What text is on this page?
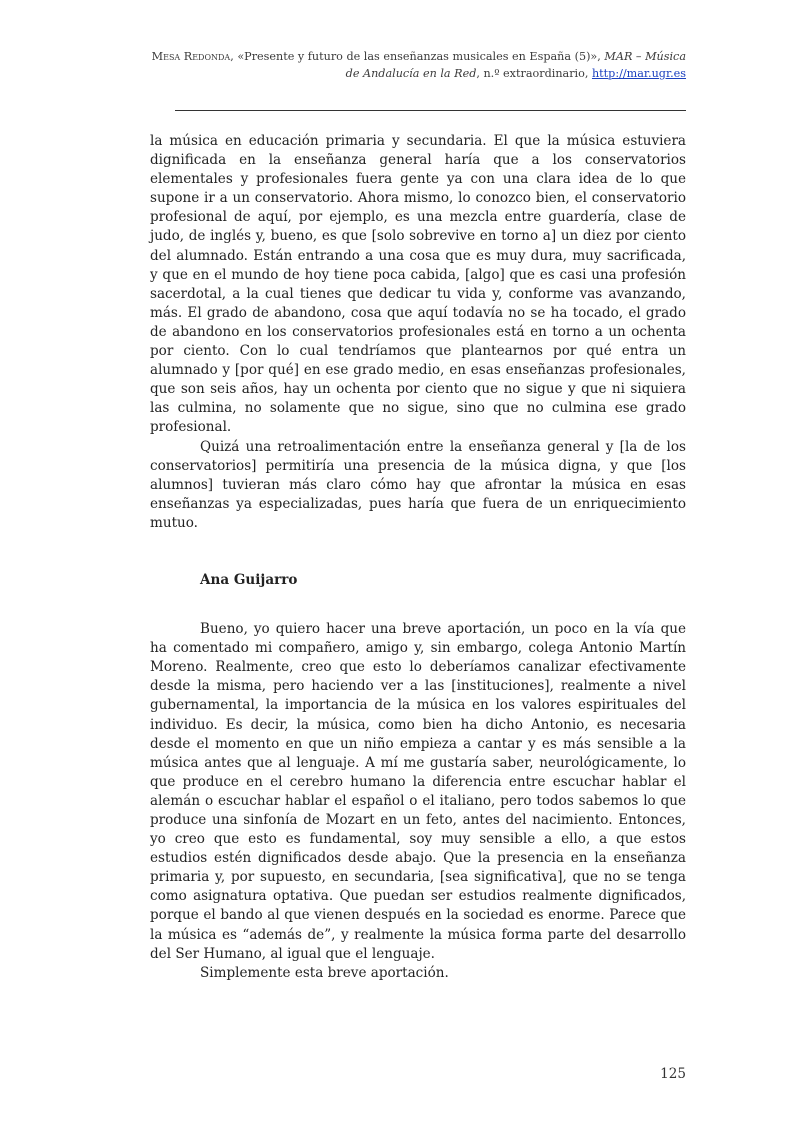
Mesa Redonda, «Presente y futuro de las enseñanzas musicales en España (5)», MAR – Música de Andalucía en la Red, n.º extraordinario, http://mar.ugr.es

la música en educación primaria y secundaria. El que la música estuviera dignificada en la enseñanza general haría que a los conservatorios elementales y profesionales fuera gente ya con una clara idea de lo que supone ir a un conservatorio. Ahora mismo, lo conozco bien, el conservatorio profesional de aquí, por ejemplo, es una mezcla entre guardería, clase de judo, de inglés y, bueno, es que [solo sobrevive en torno a] un diez por ciento del alumnado. Están entrando a una cosa que es muy dura, muy sacrificada, y que en el mundo de hoy tiene poca cabida, [algo] que es casi una profesión sacerdotal, a la cual tienes que dedicar tu vida y, conforme vas avanzando, más. El grado de abandono, cosa que aquí todavía no se ha tocado, el grado de abandono en los conservatorios profesionales está en torno a un ochenta por ciento. Con lo cual tendríamos que plantearnos por qué entra un alumnado y [por qué] en ese grado medio, en esas enseñanzas profesionales, que son seis años, hay un ochenta por ciento que no sigue y que ni siquiera las culmina, no solamente que no sigue, sino que no culmina ese grado profesional.

Quizá una retroalimentación entre la enseñanza general y [la de los conservatorios] permitiría una presencia de la música digna, y que [los alumnos] tuvieran más claro cómo hay que afrontar la música en esas enseñanzas ya especializadas, pues haría que fuera de un enriquecimiento mutuo.

Ana Guijarro

Bueno, yo quiero hacer una breve aportación, un poco en la vía que ha comentado mi compañero, amigo y, sin embargo, colega Antonio Martín Moreno. Realmente, creo que esto lo deberíamos canalizar efectivamente desde la misma, pero haciendo ver a las [instituciones], realmente a nivel gubernamental, la importancia de la música en los valores espirituales del individuo. Es decir, la música, como bien ha dicho Antonio, es necesaria desde el momento en que un niño empieza a cantar y es más sensible a la música antes que al lenguaje. A mí me gustaría saber, neurológicamente, lo que produce en el cerebro humano la diferencia entre escuchar hablar el alemán o escuchar hablar el español o el italiano, pero todos sabemos lo que produce una sinfonía de Mozart en un feto, antes del nacimiento. Entonces, yo creo que esto es fundamental, soy muy sensible a ello, a que estos estudios estén dignificados desde abajo. Que la presencia en la enseñanza primaria y, por supuesto, en secundaria, [sea significativa], que no se tenga como asignatura optativa. Que puedan ser estudios realmente dignificados, porque el bando al que vienen después en la sociedad es enorme. Parece que la música es “además de”, y realmente la música forma parte del desarrollo del Ser Humano, al igual que el lenguaje.

Simplemente esta breve aportación.

125
